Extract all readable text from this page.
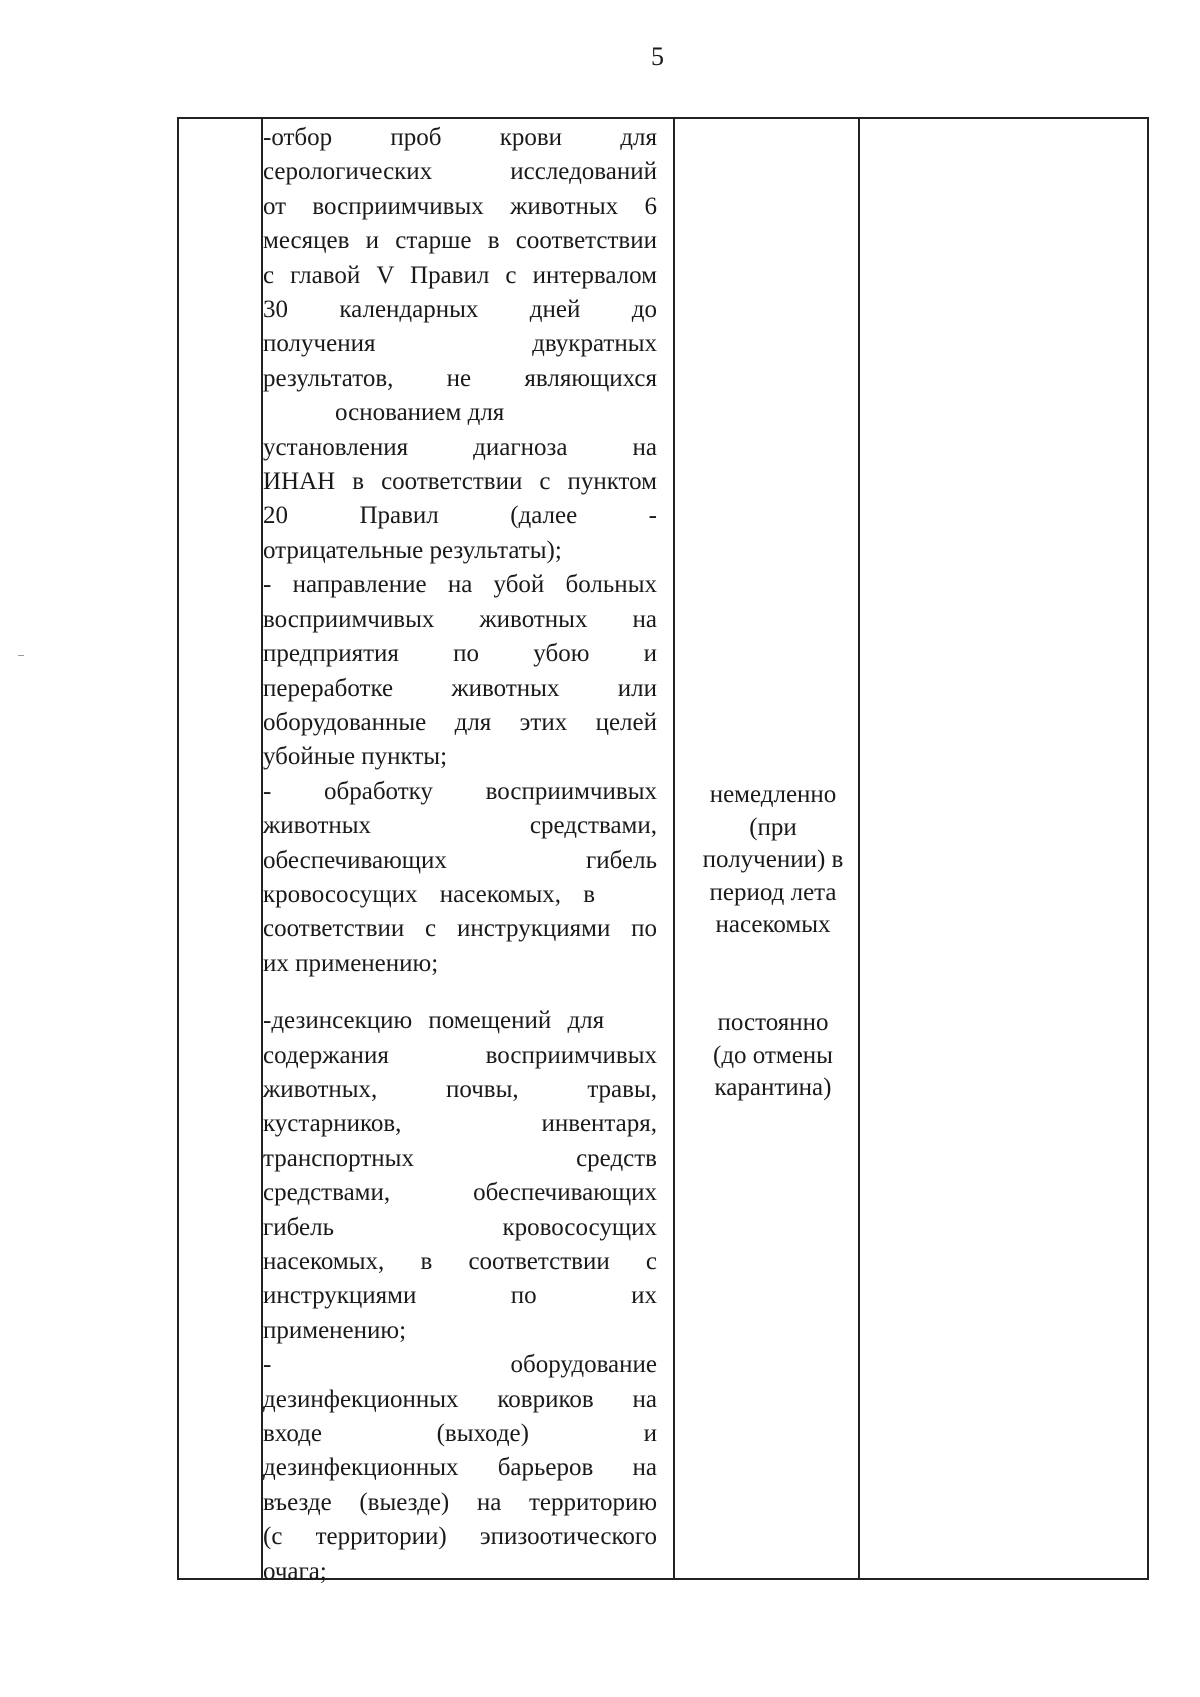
5
-отбор проб крови для
серологических исследований
от восприимчивых животных 6
месяцев и старше в соответствии
с главой V Правил с интервалом
30 календарных дней до
получения двукратных
результатов, не являющихся
основанием для
установления диагноза на
ИНАН в соответствии с пунктом
20 Правил (далее -
отрицательные результаты);
- направление на убой больных
восприимчивых животных на
предприятия по убою и
переработке животных или
оборудованные для этих целей
убойные пункты;
- обработку восприимчивых
животных средствами,
обеспечивающих гибель
кровососущих насекомых, в
соответствии с инструкциями по
их применению;
-дезинсекцию помещений для
содержания восприимчивых
животных, почвы, травы,
кустарников, инвентаря,
транспортных средств
средствами, обеспечивающих
гибель кровососущих
насекомых, в соответствии с
инструкциями по их
применению;
- оборудование
дезинфекционных ковриков на
входе (выходе) и
дезинфекционных барьеров на
въезде (выезде) на территорию
(с территории) эпизоотического
очага;
немедленно
(при
получении) в
период лета
насекомых
постоянно
(до отмены
карантина)
